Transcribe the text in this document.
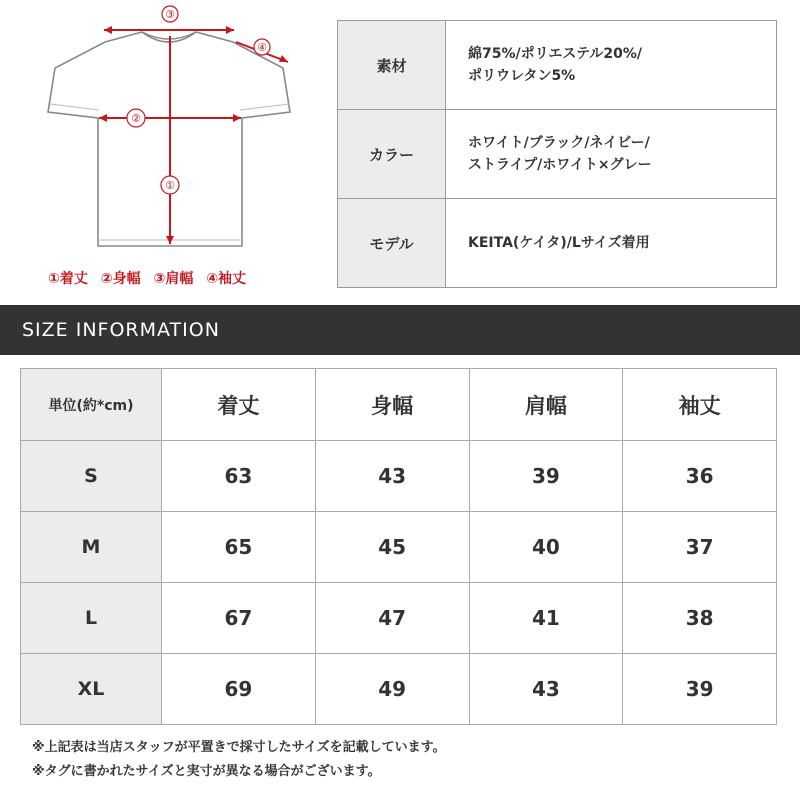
③
④
②
①
①着丈 ②身幅 ③肩幅 ④袖丈
素材	綿75%/ポリエステル20%/
ポリウレタン5%

カラー	ホワイト/ブラック/ネイビー/
ストライプ/ホワイト×グレー

モデル	KEITA(ケイタ)/Lサイズ着用
SIZE INFORMATION
単位(約*cm)	着丈	身幅	肩幅	袖丈
S	63	43	39	36
M	65	45	40	37
L	67	47	41	38
XL	69	49	43	39
※上記表は当店スタッフが平置きで採寸したサイズを記載しています。
※タグに書かれたサイズと実寸が異なる場合がございます。
